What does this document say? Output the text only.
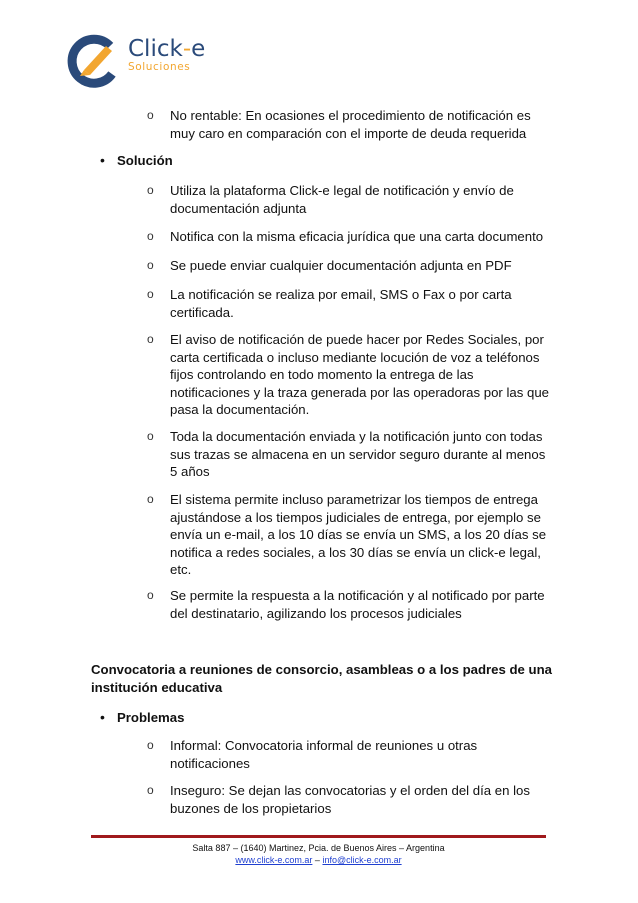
Click-e
Soluciones
o No rentable: En ocasiones el procedimiento de notificación es muy caro en comparación con el importe de deuda requerida
• Solución
o Utiliza la plataforma Click-e legal de notificación y envío de documentación adjunta
o Notifica con la misma eficacia jurídica que una carta documento
o Se puede enviar cualquier documentación adjunta en PDF
o La notificación se realiza por email, SMS o Fax o por carta certificada.
o El aviso de notificación de puede hacer por Redes Sociales, por carta certificada o incluso mediante locución de voz a teléfonos fijos controlando en todo momento la entrega de las notificaciones y la traza generada por las operadoras por las que pasa la documentación.
o Toda la documentación enviada y la notificación junto con todas sus trazas se almacena en un servidor seguro durante al menos 5 años
o El sistema permite incluso parametrizar los tiempos de entrega ajustándose a los tiempos judiciales de entrega, por ejemplo se envía un e-mail, a los 10 días se envía un SMS, a los 20 días se notifica a redes sociales, a los 30 días se envía un click-e legal, etc.
o Se permite la respuesta a la notificación y al notificado por parte del destinatario, agilizando los procesos judiciales
Convocatoria a reuniones de consorcio, asambleas o a los padres de una institución educativa
• Problemas
o Informal: Convocatoria informal de reuniones u otras notificaciones
o Inseguro: Se dejan las convocatorias y el orden del día en los buzones de los propietarios
Salta 887 – (1640) Martinez, Pcia. de Buenos Aires – Argentina
www.click-e.com.ar – info@click-e.com.ar
